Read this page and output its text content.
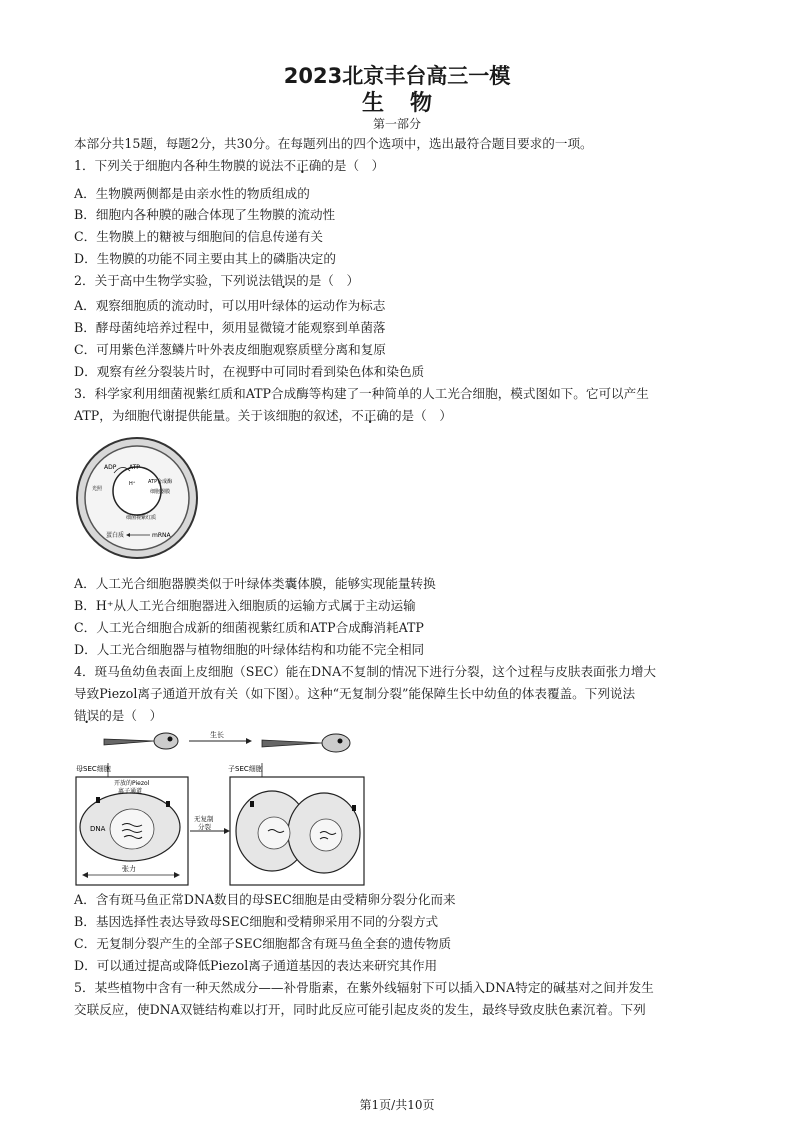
2023北京丰台高三一模
生物
第一部分
本部分共15题，每题2分，共30分。在每题列出的四个选项中，选出最符合题目要求的一项。
1．下列关于细胞内各种生物膜的说法不正确的是（　）
A．生物膜两侧都是由亲水性的物质组成的
B．细胞内各种膜的融合体现了生物膜的流动性
C．生物膜上的糖被与细胞间的信息传递有关
D．生物膜的功能不同主要由其上的磷脂决定的
2．关于高中生物学实验，下列说法错误的是（　）
A．观察细胞质的流动时，可以用叶绿体的运动作为标志
B．酵母菌纯培养过程中，须用显微镜才能观察到单菌落
C．可用紫色洋葱鳞片叶外表皮细胞观察质壁分离和复原
D．观察有丝分裂装片时，在视野中可同时看到染色体和染色质
3．科学家利用细菌视紫红质和ATP合成酶等构建了一种简单的人工光合细胞，模式图如下。它可以产生
ATP，为细胞代谢提供能量。关于该细胞的叙述，不正确的是（　）
ADP ATP
光照
H⁺	ATP合成酶
细胞器膜
细菌视紫红质
蛋白质	mRNA
A．人工光合细胞器膜类似于叶绿体类囊体膜，能够实现能量转换
B．H⁺从人工光合细胞器进入细胞质的运输方式属于主动运输
C．人工光合细胞合成新的细菌视紫红质和ATP合成酶消耗ATP
D．人工光合细胞器与植物细胞的叶绿体结构和功能不完全相同
4．斑马鱼幼鱼表面上皮细胞（SEC）能在DNA不复制的情况下进行分裂，这个过程与皮肤表面张力增大
导致Piezol离子通道开放有关（如下图）。这种“无复制分裂”能保障生长中幼鱼的体表覆盖。下列说法
错误的是（　）
生长
母SEC细胞	子SEC细胞
DNA
开放的Piezol
离子通道
张力
无复制
分裂
A．含有斑马鱼正常DNA数目的母SEC细胞是由受精卵分裂分化而来
B．基因选择性表达导致母SEC细胞和受精卵采用不同的分裂方式
C．无复制分裂产生的全部子SEC细胞都含有斑马鱼全套的遗传物质
D．可以通过提高或降低Piezol离子通道基因的表达来研究其作用
5．某些植物中含有一种天然成分——补骨脂素，在紫外线辐射下可以插入DNA特定的碱基对之间并发生
交联反应，使DNA双链结构难以打开，同时此反应可能引起皮炎的发生，最终导致皮肤色素沉着。下列
第1页/共10页
